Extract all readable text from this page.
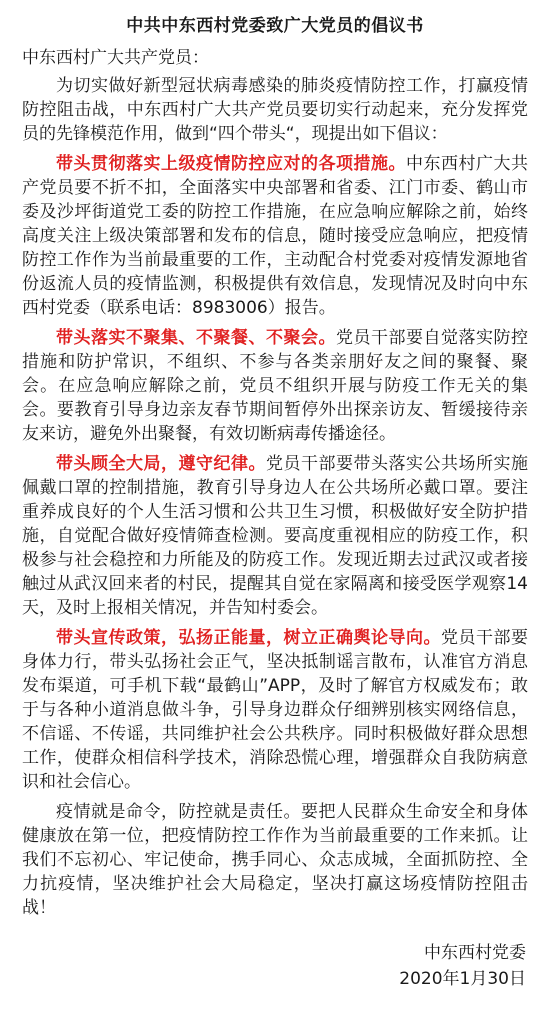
中共中东西村党委致广大党员的倡议书
中东西村广大共产党员：

为切实做好新型冠状病毒感染的肺炎疫情防控工作，打赢疫情防控阻击战，中东西村广大共产党员要切实行动起来，充分发挥党员的先锋模范作用，做到“四个带头“，现提出如下倡议：

带头贯彻落实上级疫情防控应对的各项措施。中东西村广大共产党员要不折不扣，全面落实中央部署和省委、江门市委、鹤山市委及沙坪街道党工委的防控工作措施，在应急响应解除之前，始终高度关注上级决策部署和发布的信息，随时接受应急响应，把疫情防控工作作为当前最重要的工作，主动配合村党委对疫情发源地省份返流人员的疫情监测，积极提供有效信息，发现情况及时向中东西村党委（联系电话：8983006）报告。

带头落实不聚集、不聚餐、不聚会。党员干部要自觉落实防控措施和防护常识，不组织、不参与各类亲朋好友之间的聚餐、聚会。在应急响应解除之前，党员不组织开展与防疫工作无关的集会。要教育引导身边亲友春节期间暂停外出探亲访友、暂缓接待亲友来访，避免外出聚餐，有效切断病毒传播途径。

带头顾全大局，遵守纪律。党员干部要带头落实公共场所实施佩戴口罩的控制措施，教育引导身边人在公共场所必戴口罩。要注重养成良好的个人生活习惯和公共卫生习惯，积极做好安全防护措施，自觉配合做好疫情筛查检测。要高度重视相应的防疫工作，积极参与社会稳控和力所能及的防疫工作。发现近期去过武汉或者接触过从武汉回来者的村民，提醒其自觉在家隔离和接受医学观察14天，及时上报相关情况，并告知村委会。

带头宣传政策，弘扬正能量，树立正确舆论导向。党员干部要身体力行，带头弘扬社会正气，坚决抵制谣言散布，认准官方消息发布渠道，可手机下载“最鹤山”APP，及时了解官方权威发布；敢于与各种小道消息做斗争，引导身边群众仔细辨别核实网络信息，不信谣、不传谣，共同维护社会公共秩序。同时积极做好群众思想工作，使群众相信科学技术，消除恐慌心理，增强群众自我防病意识和社会信心。

疫情就是命令，防控就是责任。要把人民群众生命安全和身体健康放在第一位，把疫情防控工作作为当前最重要的工作来抓。让我们不忘初心、牢记使命，携手同心、众志成城，全面抓防控、全力抗疫情，坚决维护社会大局稳定，坚决打赢这场疫情防控阻击战！

中东西村党委
2020年1月30日
